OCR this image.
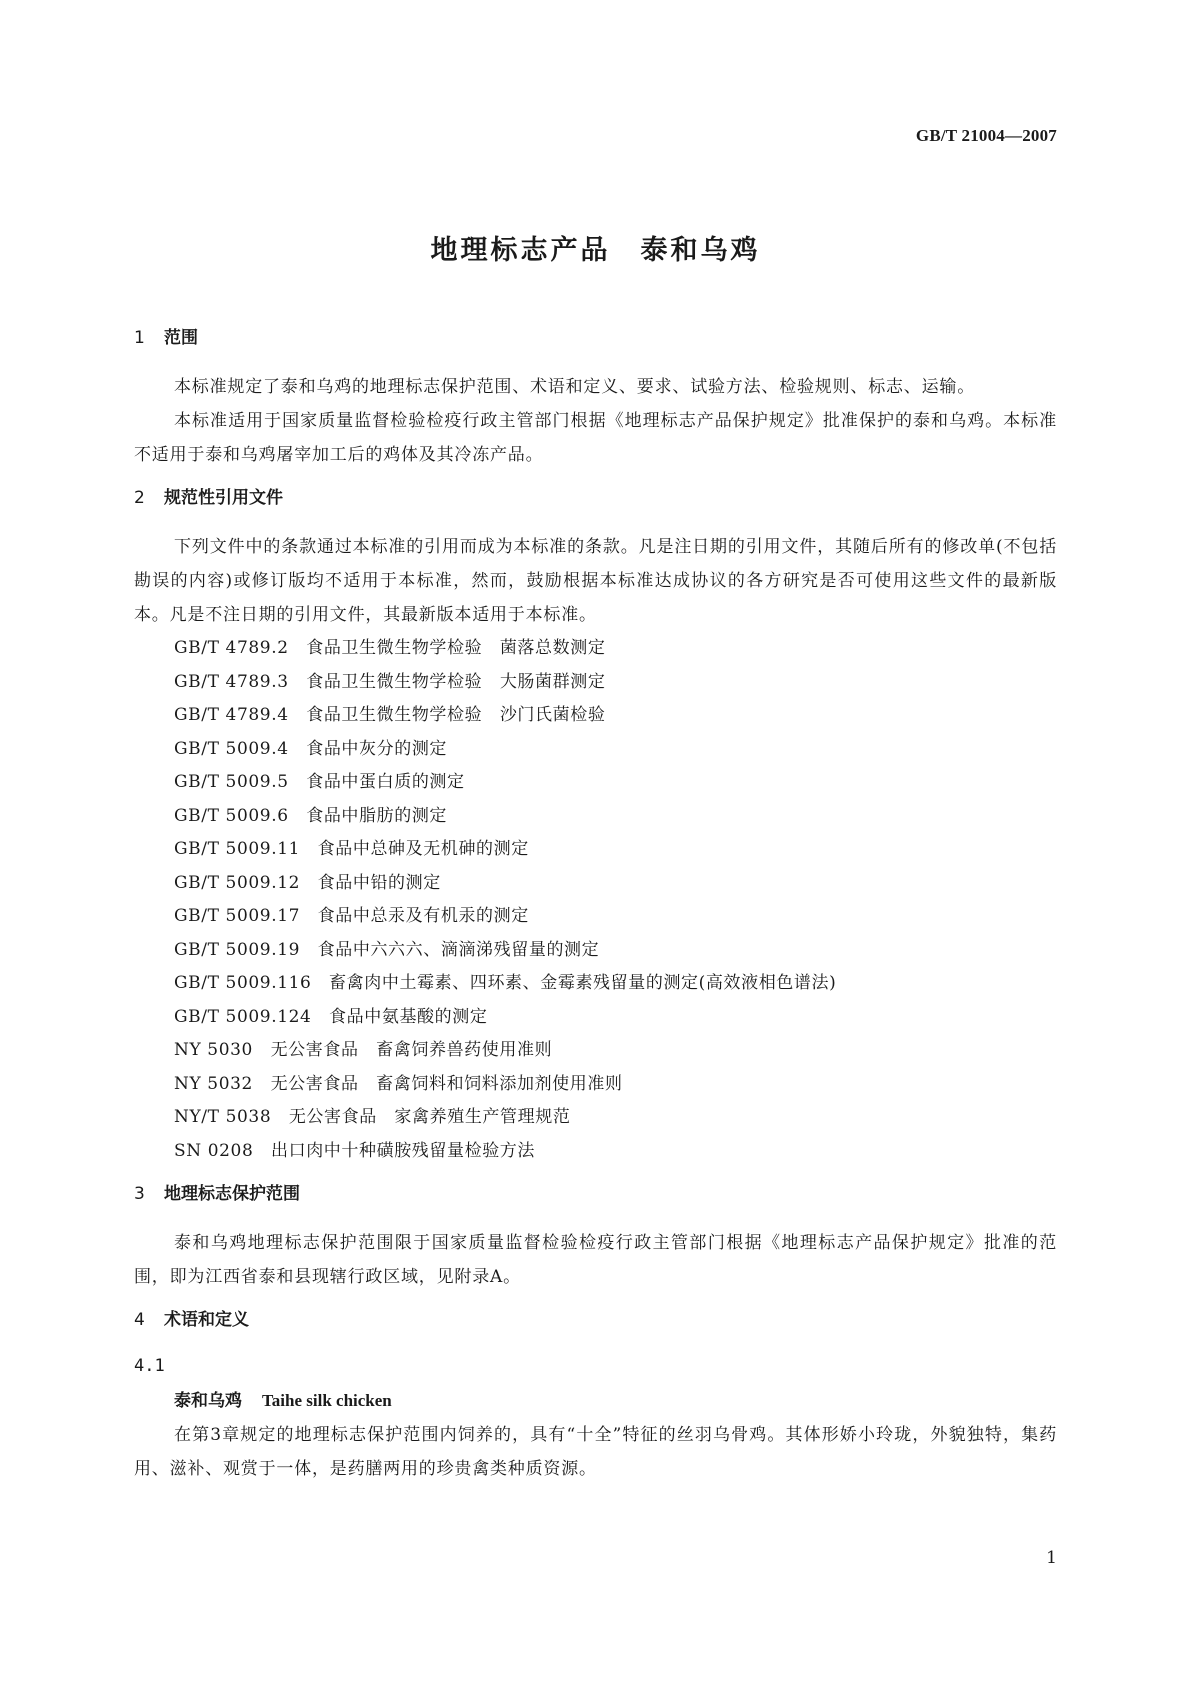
GB/T 21004—2007
地理标志产品　泰和乌鸡
1 范围

本标准规定了泰和乌鸡的地理标志保护范围、术语和定义、要求、试验方法、检验规则、标志、运输。

本标准适用于国家质量监督检验检疫行政主管部门根据《地理标志产品保护规定》批准保护的泰和乌鸡。本标准不适用于泰和乌鸡屠宰加工后的鸡体及其冷冻产品。

2 规范性引用文件

下列文件中的条款通过本标准的引用而成为本标准的条款。凡是注日期的引用文件，其随后所有的修改单(不包括勘误的内容)或修订版均不适用于本标准，然而，鼓励根据本标准达成协议的各方研究是否可使用这些文件的最新版本。凡是不注日期的引用文件，其最新版本适用于本标准。

GB/T 4789.2　食品卫生微生物学检验　菌落总数测定
GB/T 4789.3　食品卫生微生物学检验　大肠菌群测定
GB/T 4789.4　食品卫生微生物学检验　沙门氏菌检验
GB/T 5009.4　食品中灰分的测定
GB/T 5009.5　食品中蛋白质的测定
GB/T 5009.6　食品中脂肪的测定
GB/T 5009.11　食品中总砷及无机砷的测定
GB/T 5009.12　食品中铅的测定
GB/T 5009.17　食品中总汞及有机汞的测定
GB/T 5009.19　食品中六六六、滴滴涕残留量的测定
GB/T 5009.116　畜禽肉中土霉素、四环素、金霉素残留量的测定(高效液相色谱法)
GB/T 5009.124　食品中氨基酸的测定
NY 5030　无公害食品　畜禽饲养兽药使用准则
NY 5032　无公害食品　畜禽饲料和饲料添加剂使用准则
NY/T 5038　无公害食品　家禽养殖生产管理规范
SN 0208　出口肉中十种磺胺残留量检验方法
3 地理标志保护范围

泰和乌鸡地理标志保护范围限于国家质量监督检验检疫行政主管部门根据《地理标志产品保护规定》批准的范围，即为江西省泰和县现辖行政区域，见附录A。

4 术语和定义
4.1
泰和乌鸡 Taihe silk chicken

在第3章规定的地理标志保护范围内饲养的，具有“十全”特征的丝羽乌骨鸡。其体形娇小玲珑，外貌独特，集药用、滋补、观赏于一体，是药膳两用的珍贵禽类种质资源。

1
